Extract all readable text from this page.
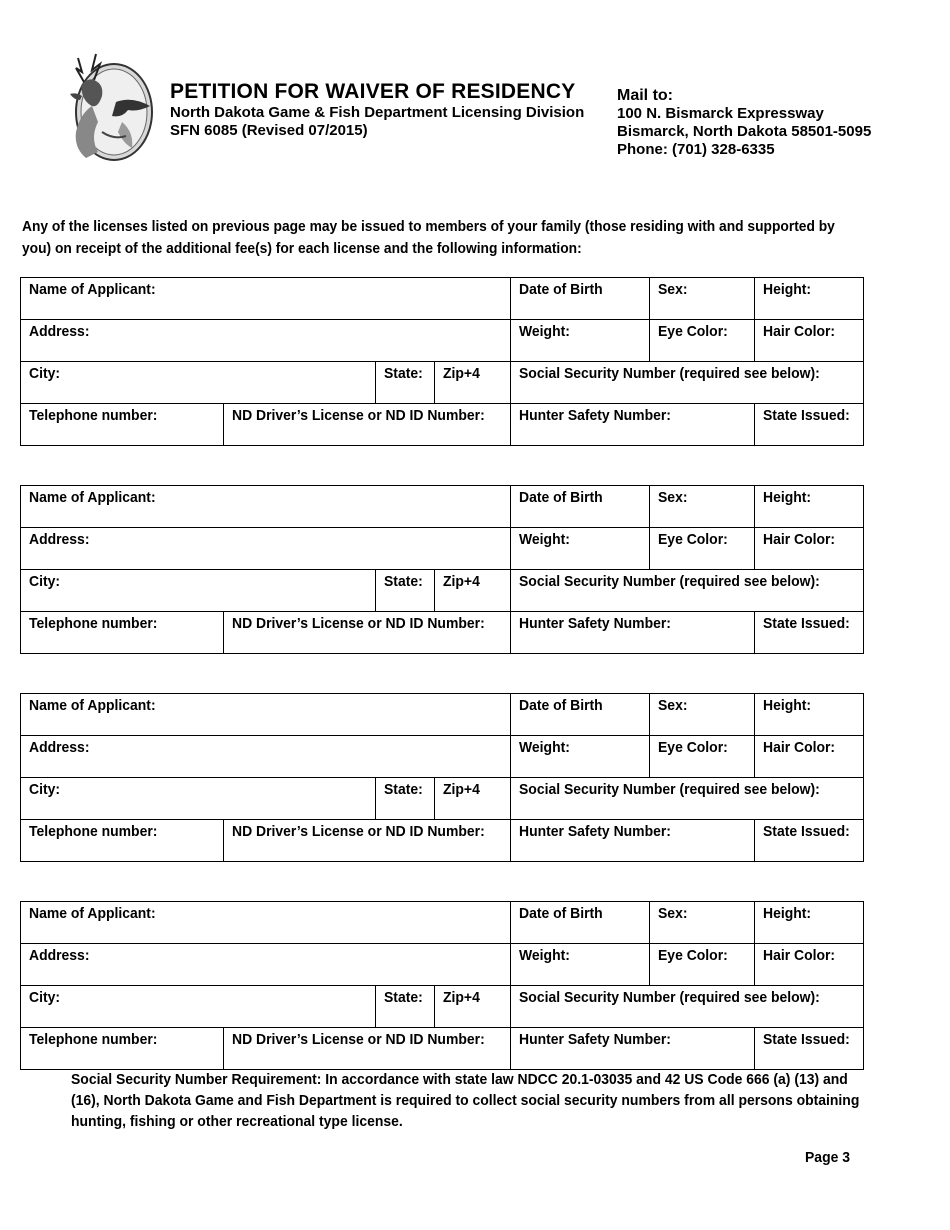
PETITION FOR WAIVER OF RESIDENCY
North Dakota Game & Fish Department Licensing Division
SFN 6085 (Revised 07/2015)
Mail to:
100 N. Bismarck Expressway
Bismarck, North Dakota 58501-5095
Phone: (701) 328-6335
Any of the licenses listed on previous page may be issued to members of your family (those residing with and supported by you) on receipt of the additional fee(s) for each license and the following information:
Name of Applicant:				Date of Birth	Sex:	Height:

Address:				Weight:	Eye Color:	Hair Color:

City:		State:	Zip+4	Social Security Number (required see below):		

Telephone number:	ND Driver’s License or ND ID Number:			Hunter Safety Number:		State Issued:
Name of Applicant:				Date of Birth	Sex:	Height:

Address:				Weight:	Eye Color:	Hair Color:

City:		State:	Zip+4	Social Security Number (required see below):		

Telephone number:	ND Driver’s License or ND ID Number:			Hunter Safety Number:		State Issued:
Name of Applicant:				Date of Birth	Sex:	Height:

Address:				Weight:	Eye Color:	Hair Color:

City:		State:	Zip+4	Social Security Number (required see below):		

Telephone number:	ND Driver’s License or ND ID Number:			Hunter Safety Number:		State Issued:
Name of Applicant:				Date of Birth	Sex:	Height:

Address:				Weight:	Eye Color:	Hair Color:

City:		State:	Zip+4	Social Security Number (required see below):		

Telephone number:	ND Driver’s License or ND ID Number:			Hunter Safety Number:		State Issued:
Social Security Number Requirement: In accordance with state law NDCC 20.1-03035 and 42 US Code 666 (a) (13) and (16), North Dakota Game and Fish Department is required to collect social security numbers from all persons obtaining hunting, fishing or other recreational type license.
Page 3
